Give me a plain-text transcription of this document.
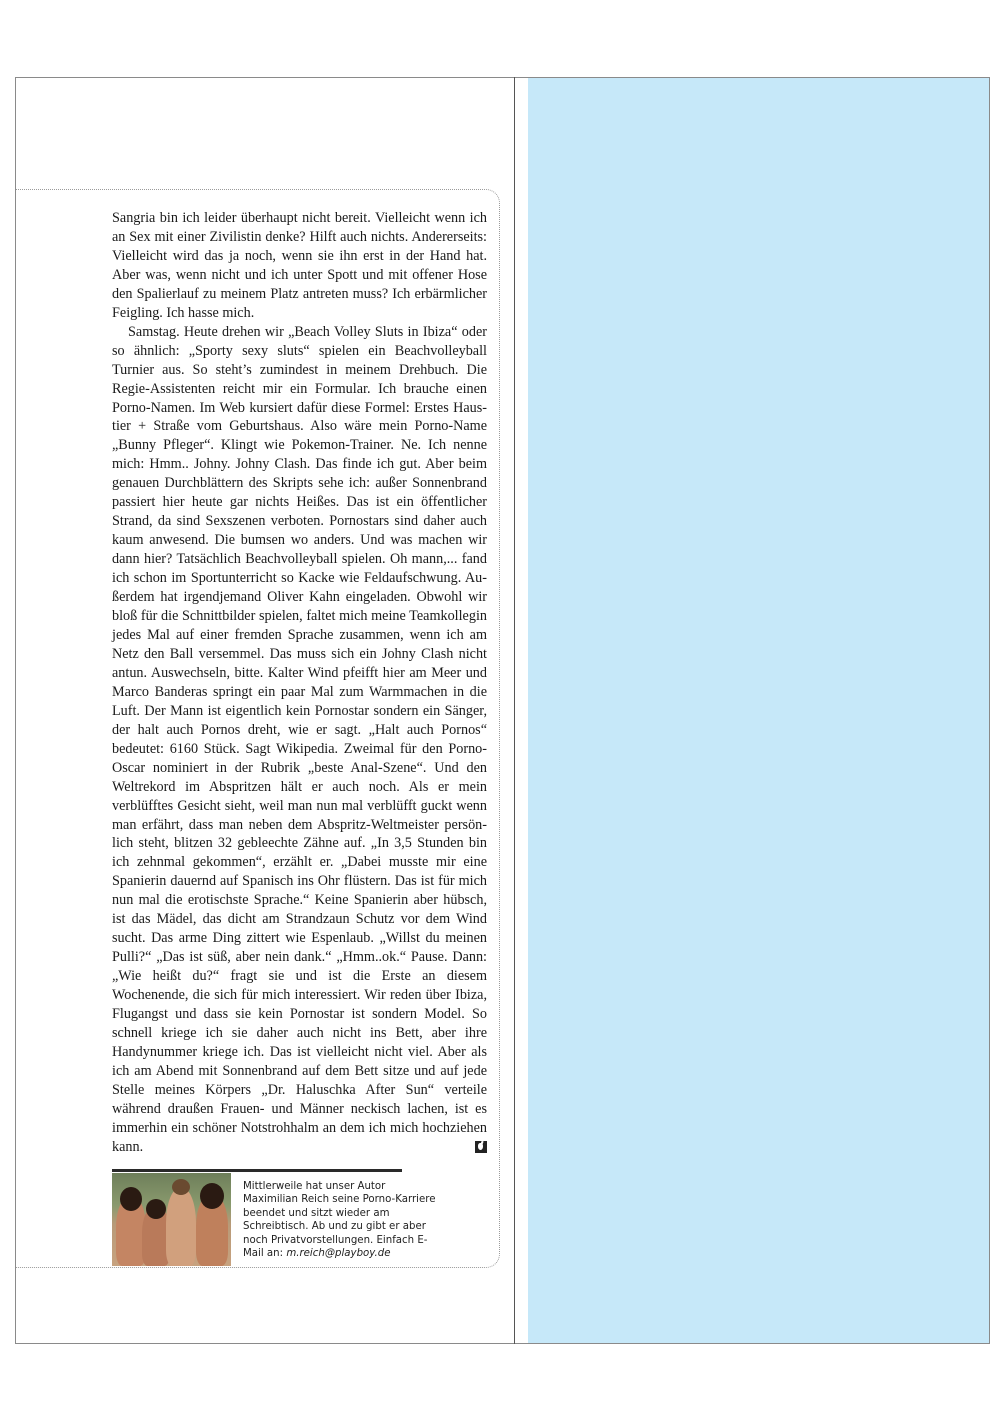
Sangria bin ich leider überhaupt nicht bereit. Vielleicht wenn ich an Sex mit einer Zivilistin denke? Hilft auch nichts. Andererseits: Vielleicht wird das ja noch, wenn sie ihn erst in der Hand hat. Aber was, wenn nicht und ich unter Spott und mit offener Hose den Spalierlauf zu meinem Platz antreten muss? Ich erbärmlicher Feigling. Ich hasse mich.

Samstag. Heute drehen wir „Beach Volley Sluts in Ibiza“ oder so ähnlich: „Sporty sexy sluts“ spielen ein Beachvolleyball Turnier aus. So steht’s zumindest in meinem Drehbuch. Die Regie-Assistenten reicht mir ein Formular. Ich brauche einen Porno-Namen. Im Web kursiert dafür diese Formel: Erstes Haustier + Straße vom Geburtshaus. Also wäre mein Porno-Name „Bunny Pfleger“. Klingt wie Pokemon-Trainer. Ne. Ich nenne mich: Hmm.. Johny. Johny Clash. Das finde ich gut. Aber beim genauen Durchblättern des Skripts sehe ich: außer Sonnenbrand passiert hier heute gar nichts Heißes. Das ist ein öffentlicher Strand, da sind Sexszenen verboten. Pornostars sind daher auch kaum anwesend. Die bumsen wo anders. Und was machen wir dann hier? Tatsächlich Beachvolleyball spielen. Oh mann,... fand ich schon im Sportunterricht so Kacke wie Feldaufschwung. Außerdem hat irgendjemand Oliver Kahn eingeladen. Obwohl wir bloß für die Schnittbilder spielen, faltet mich meine Teamkollegin jedes Mal auf einer fremden Sprache zusammen, wenn ich am Netz den Ball versemmel. Das muss sich ein Johny Clash nicht antun. Auswechseln, bitte. Kalter Wind pfeifft hier am Meer und Marco Banderas springt ein paar Mal zum Warmmachen in die Luft. Der Mann ist eigentlich kein Pornostar sondern ein Sänger, der halt auch Pornos dreht, wie er sagt. „Halt auch Pornos“ bedeutet: 6160 Stück. Sagt Wikipedia. Zweimal für den Porno-Oscar nominiert in der Rubrik „beste Anal-Szene“. Und den Weltrekord im Abspritzen hält er auch noch. Als er mein verblüfftes Gesicht sieht, weil man nun mal verblüfft guckt wenn man erfährt, dass man neben dem Abspritz-Weltmeister persönlich steht, blitzen 32 gebleechte Zähne auf. „In 3,5 Stunden bin ich zehnmal gekommen“, erzählt er. „Dabei musste mir eine Spanierin dauernd auf Spanisch ins Ohr flüstern. Das ist für mich nun mal die erotischste Sprache.“ Keine Spanierin aber hübsch, ist das Mädel, das dicht am Strandzaun Schutz vor dem Wind sucht. Das arme Ding zittert wie Espenlaub. „Willst du meinen Pulli?“ „Das ist süß, aber nein dank.“ „Hmm..ok.“ Pause. Dann: „Wie heißt du?“ fragt sie und ist die Erste an diesem Wochenende, die sich für mich interessiert. Wir reden über Ibiza, Flugangst und dass sie kein Pornostar ist sondern Model. So schnell kriege ich sie daher auch nicht ins Bett, aber ihre Handynummer kriege ich. Das ist vielleicht nicht viel. Aber als ich am Abend mit Sonnenbrand auf dem Bett sitze und auf jede Stelle meines Körpers „Dr. Haluschka After Sun“ verteile während draußen Frauen- und Männer neckisch lachen, ist es immerhin ein schöner Notstrohhalm an dem ich mich hochziehen kann.

Mittlerweile hat unser Autor Maximilian Reich seine Porno-Karriere beendet und sitzt wieder am Schreibtisch. Ab und zu gibt er aber noch Privatvorstellungen. Einfach E-Mail an: m.reich@playboy.de
